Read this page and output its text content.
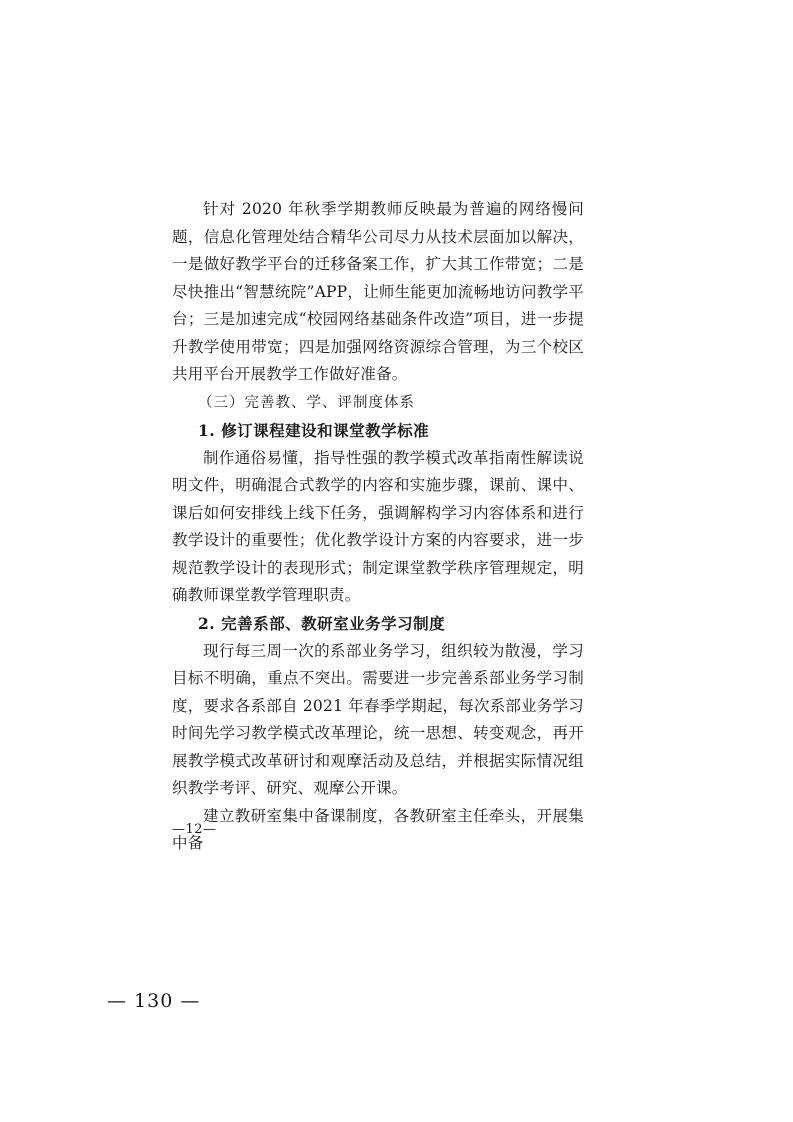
针对 2020 年秋季学期教师反映最为普遍的网络慢问题，信息化管理处结合精华公司尽力从技术层面加以解决，一是做好教学平台的迁移备案工作，扩大其工作带宽；二是尽快推出“智慧统院”APP，让师生能更加流畅地访问教学平台；三是加速完成“校园网络基础条件改造”项目，进一步提升教学使用带宽；四是加强网络资源综合管理，为三个校区共用平台开展教学工作做好准备。

（三）完善教、学、评制度体系

1. 修订课程建设和课堂教学标准

制作通俗易懂，指导性强的教学模式改革指南性解读说明文件，明确混合式教学的内容和实施步骤，课前、课中、课后如何安排线上线下任务，强调解构学习内容体系和进行教学设计的重要性；优化教学设计方案的内容要求，进一步规范教学设计的表现形式；制定课堂教学秩序管理规定，明确教师课堂教学管理职责。

2. 完善系部、教研室业务学习制度

现行每三周一次的系部业务学习，组织较为散漫，学习目标不明确，重点不突出。需要进一步完善系部业务学习制度，要求各系部自 2021 年春季学期起，每次系部业务学习时间先学习教学模式改革理论，统一思想、转变观念，再开展教学模式改革研讨和观摩活动及总结，并根据实际情况组织教学考评、研究、观摩公开课。

建立教研室集中备课制度，各教研室主任牵头，开展集中备

—12—
— 130 —
